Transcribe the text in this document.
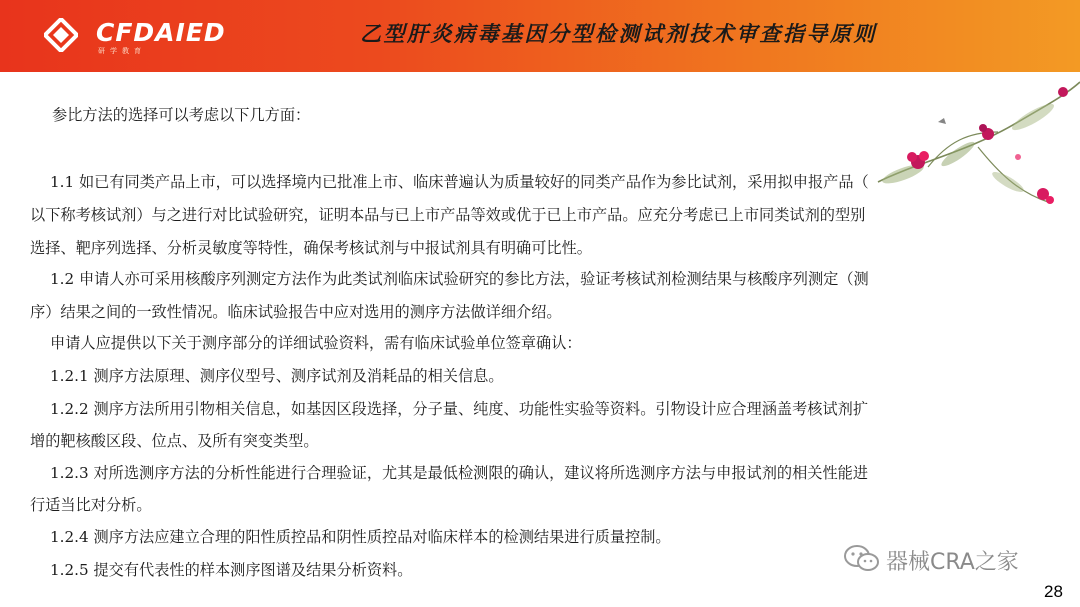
CFDAIED
研学教育
乙型肝炎病毒基因分型检测试剂技术审查指导原则
参比方法的选择可以考虑以下几方面：
1.1 如已有同类产品上市，可以选择境内已批准上市、临床普遍认为质量较好的同类产品作为参比试剂，采用拟申报产品（
以下称考核试剂）与之进行对比试验研究，证明本品与已上市产品等效或优于已上市产品。应充分考虑已上市同类试剂的型别
选择、靶序列选择、分析灵敏度等特性，确保考核试剂与中报试剂具有明确可比性。
1.2 申请人亦可采用核酸序列测定方法作为此类试剂临床试验研究的参比方法，验证考核试剂检测结果与核酸序列测定（测
序）结果之间的一致性情况。临床试验报告中应对选用的测序方法做详细介绍。
申请人应提供以下关于测序部分的详细试验资料，需有临床试验单位签章确认：
1.2.1 测序方法原理、测序仪型号、测序试剂及消耗品的相关信息。
1.2.2 测序方法所用引物相关信息，如基因区段选择，分子量、纯度、功能性实验等资料。引物设计应合理涵盖考核试剂扩
增的靶核酸区段、位点、及所有突变类型。
1.2.3 对所选测序方法的分析性能进行合理验证，尤其是最低检测限的确认，建议将所选测序方法与申报试剂的相关性能进
行适当比对分析。
1.2.4 测序方法应建立合理的阳性质控品和阴性质控品对临床样本的检测结果进行质量控制。
1.2.5 提交有代表性的样本测序图谱及结果分析资料。	器械CRA之家
28
